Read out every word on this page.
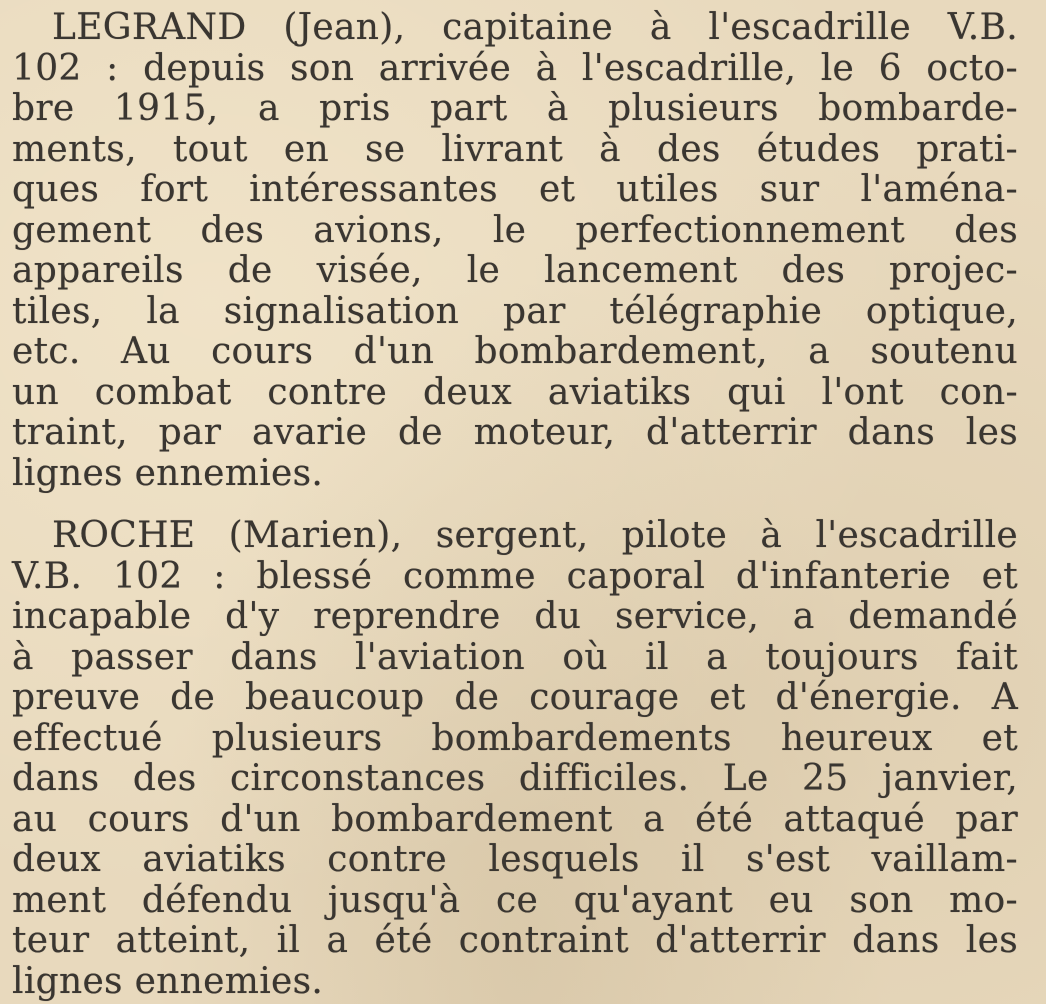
LEGRAND (Jean), capitaine à l'escadrille V.B.
102 : depuis son arrivée à l'escadrille, le 6 octo-
bre 1915, a pris part à plusieurs bombarde-
ments, tout en se livrant à des études prati-
ques fort intéressantes et utiles sur l'aména-
gement des avions, le perfectionnement des
appareils de visée, le lancement des projec-
tiles, la signalisation par télégraphie optique,
etc. Au cours d'un bombardement, a soutenu
un combat contre deux aviatiks qui l'ont con-
traint, par avarie de moteur, d'atterrir dans les
lignes ennemies.
ROCHE (Marien), sergent, pilote à l'escadrille
V.B. 102 : blessé comme caporal d'infanterie et
incapable d'y reprendre du service, a demandé
à passer dans l'aviation où il a toujours fait
preuve de beaucoup de courage et d'énergie. A
effectué plusieurs bombardements heureux et
dans des circonstances difficiles. Le 25 janvier,
au cours d'un bombardement a été attaqué par
deux aviatiks contre lesquels il s'est vaillam-
ment défendu jusqu'à ce qu'ayant eu son mo-
teur atteint, il a été contraint d'atterrir dans les
lignes ennemies.
